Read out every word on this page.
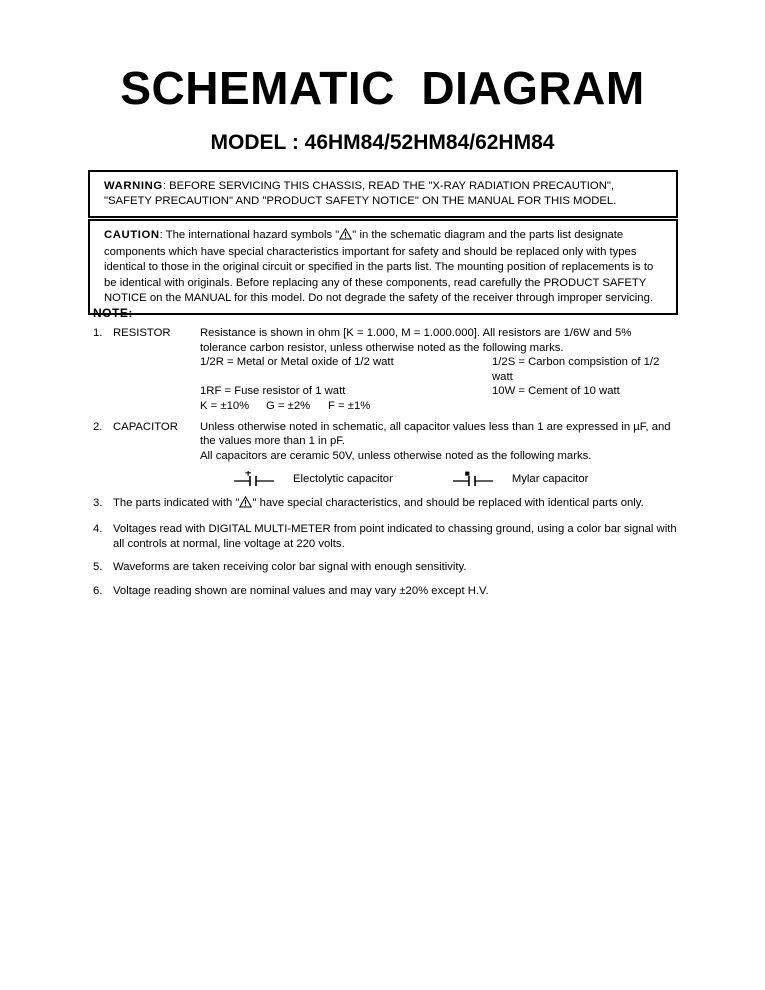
SCHEMATIC  DIAGRAM
MODEL : 46HM84/52HM84/62HM84
WARNING: BEFORE SERVICING THIS CHASSIS, READ THE "X-RAY RADIATION PRECAUTION", "SAFETY PRECAUTION" AND "PRODUCT SAFETY NOTICE" ON THE MANUAL FOR THIS MODEL.
CAUTION: The international hazard symbols " " in the schematic diagram and the parts list designate components which have special characteristics important for safety and should be replaced only with types identical to those in the original circuit or specified in the parts list. The mounting position of replacements is to be identical with originals. Before replacing any of these components, read carefully the PRODUCT SAFETY NOTICE on the MANUAL for this model. Do not degrade the safety of the receiver through improper servicing.
NOTE:
1. RESISTOR	Resistance is shown in ohm [K = 1.000, M = 1.000.000]. All resistors are 1/6W and 5% tolerance carbon resistor, unless otherwise noted as the following marks.

1/2R = Metal or Metal oxide of 1/2 watt	1/2S = Carbon compsistion of 1/2 watt
1RF = Fuse resistor of 1 watt	10W = Cement of 10 watt
K = ±10% G = ±2% F = ±1%
2. CAPACITOR	Unless otherwise noted in schematic, all capacitor values less than 1 are expressed in µF, and the values more than 1 in pF.

All capacitors are ceramic 50V, unless otherwise noted as the following marks.

Electolytic capacitor	Mylar capacitor
3. The parts indicated with " " have special characteristics, and should be replaced with identical parts only.
4. Voltages read with DIGITAL MULTI-METER from point indicated to chassing ground, using a color bar signal with all controls at normal, line voltage at 220 volts.
5. Waveforms are taken receiving color bar signal with enough sensitivity.
6. Voltage reading shown are nominal values and may vary ±20% except H.V.
